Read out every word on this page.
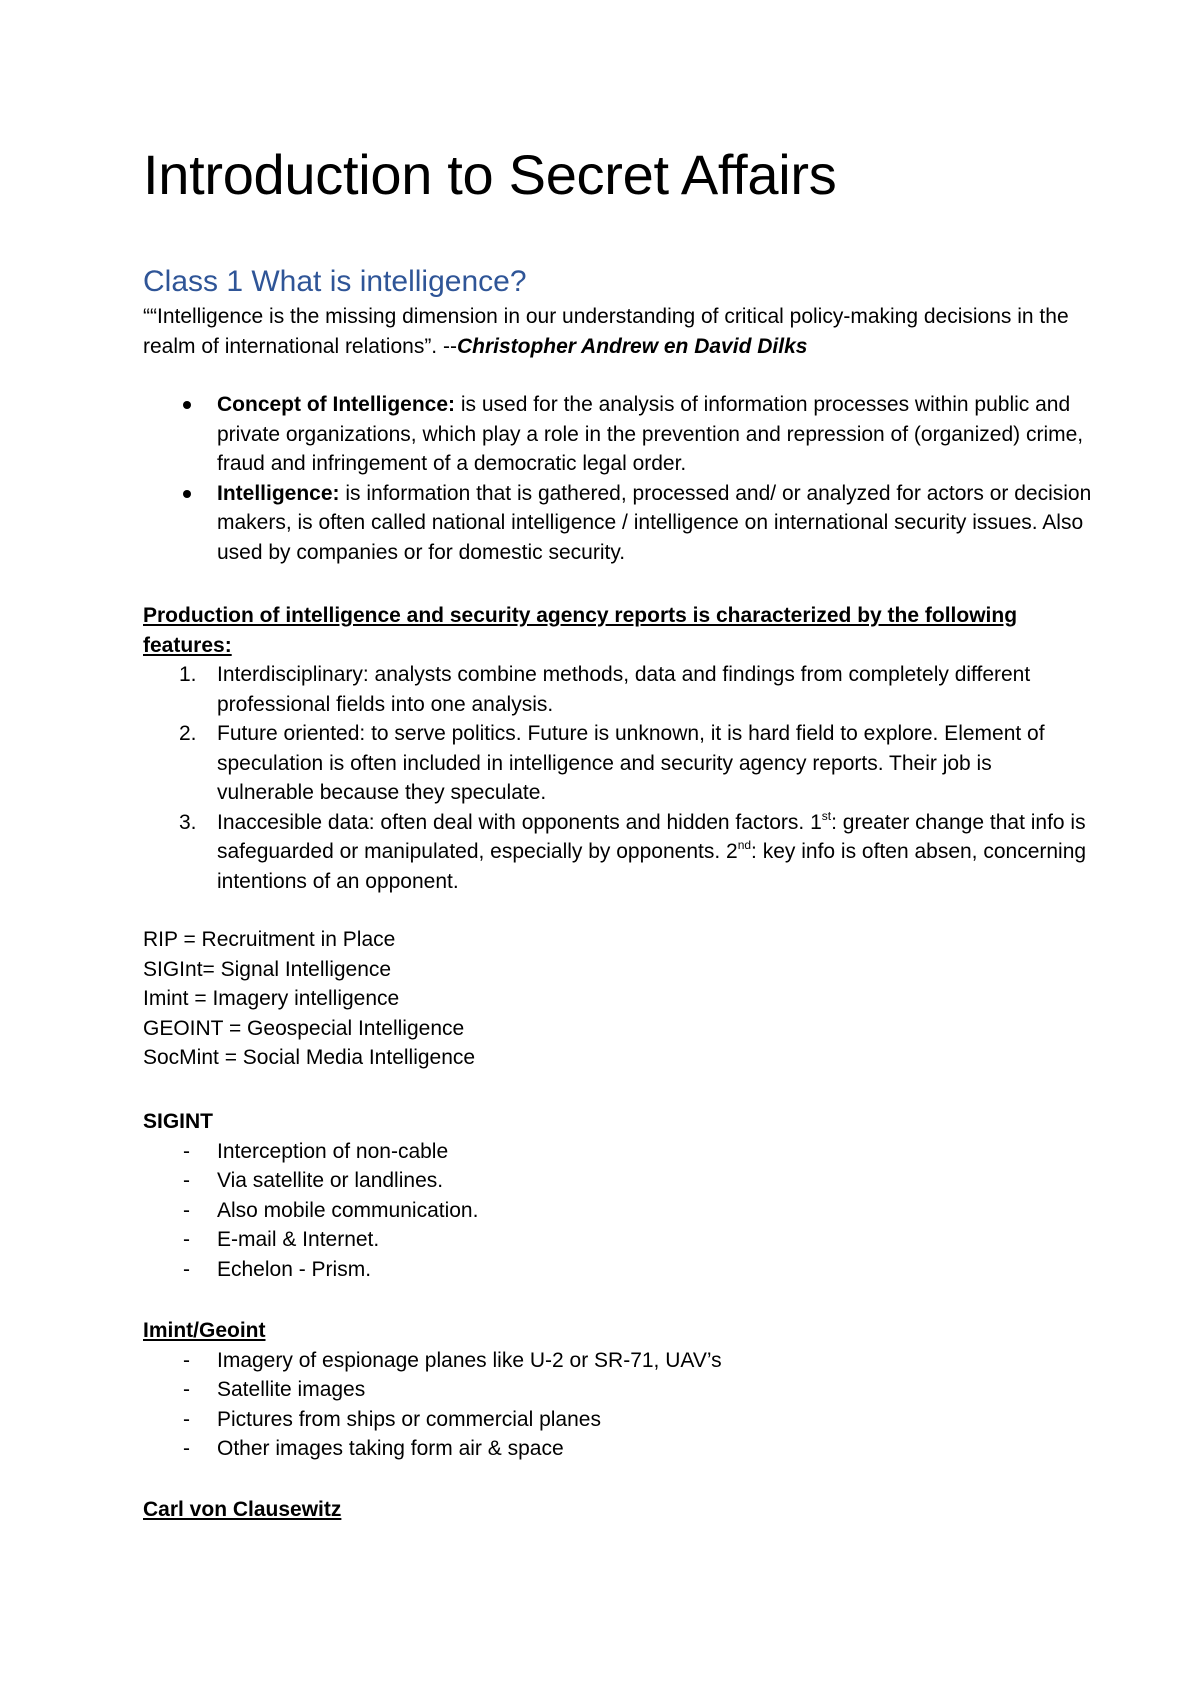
Introduction to Secret Affairs
Class 1 What is intelligence?
““Intelligence is the missing dimension in our understanding of critical policy-making decisions in the realm of international relations”. --Christopher Andrew en David Dilks
Concept of Intelligence: is used for the analysis of information processes within public and private organizations, which play a role in the prevention and repression of (organized) crime, fraud and infringement of a democratic legal order.
Intelligence: is information that is gathered, processed and/ or analyzed for actors or decision makers, is often called national intelligence / intelligence on international security issues. Also used by companies or for domestic security.
Production of intelligence and security agency reports is characterized by the following features:
1. Interdisciplinary: analysts combine methods, data and findings from completely different professional fields into one analysis.
2. Future oriented: to serve politics. Future is unknown, it is hard field to explore. Element of speculation is often included in intelligence and security agency reports. Their job is vulnerable because they speculate.
3. Inaccesible data: often deal with opponents and hidden factors. 1st: greater change that info is safeguarded or manipulated, especially by opponents. 2nd: key info is often absen, concerning intentions of an opponent.
RIP = Recruitment in Place
SIGInt= Signal Intelligence
Imint = Imagery intelligence
GEOINT = Geospecial Intelligence
SocMint = Social Media Intelligence
SIGINT
- Interception of non-cable
- Via satellite or landlines.
- Also mobile communication.
- E-mail & Internet.
- Echelon - Prism.
Imint/Geoint
- Imagery of espionage planes like U-2 or SR-71, UAV’s
- Satellite images
- Pictures from ships or commercial planes
- Other images taking form air & space
Carl von Clausewitz
